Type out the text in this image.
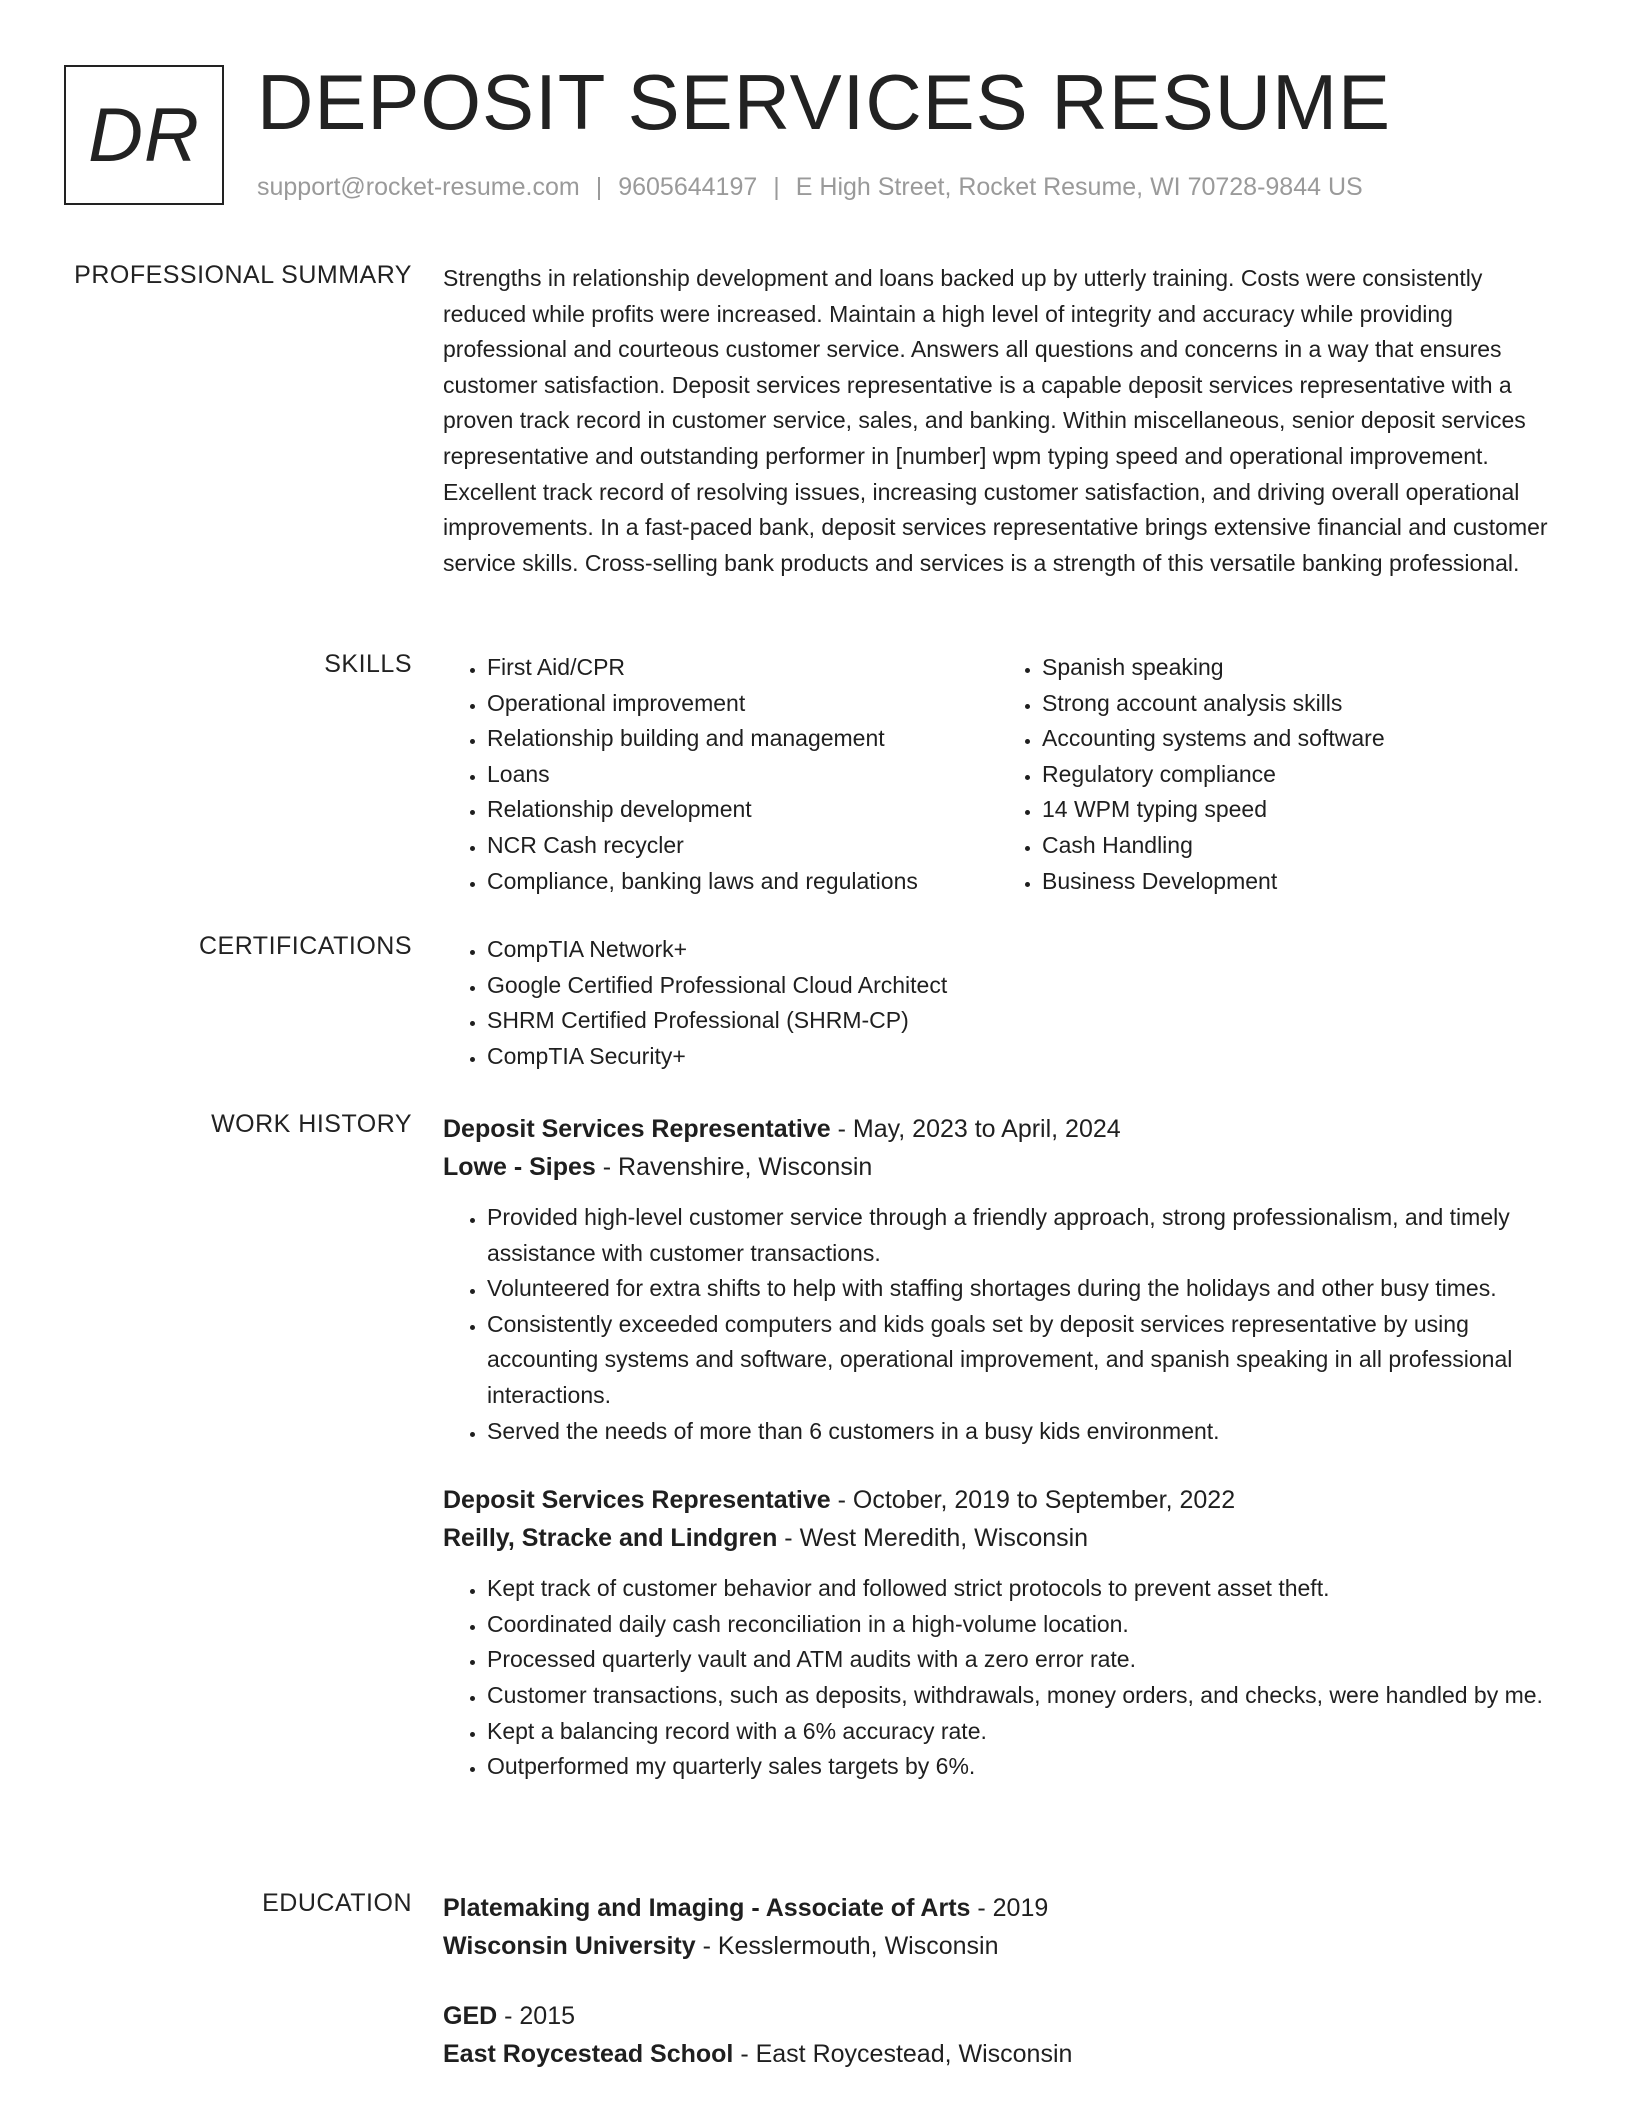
DR DEPOSIT SERVICES RESUME
support@rocket-resume.com | 9605644197 | E High Street, Rocket Resume, WI 70728-9844 US
PROFESSIONAL SUMMARY Strengths in relationship development and loans backed up by utterly training. Costs were consistently reduced while profits were increased. Maintain a high level of integrity and accuracy while providing professional and courteous customer service. Answers all questions and concerns in a way that ensures customer satisfaction. Deposit services representative is a capable deposit services representative with a proven track record in customer service, sales, and banking. Within miscellaneous, senior deposit services representative and outstanding performer in [number] wpm typing speed and operational improvement. Excellent track record of resolving issues, increasing customer satisfaction, and driving overall operational improvements. In a fast-paced bank, deposit services representative brings extensive financial and customer service skills. Cross-selling bank products and services is a strength of this versatile banking professional.

SKILLS	• First Aid/CPR
• Operational improvement
• Relationship building and management
• Loans
• Relationship development
• NCR Cash recycler
• Compliance, banking laws and regulations
• Spanish speaking
• Strong account analysis skills
• Accounting systems and software
• Regulatory compliance
• 14 WPM typing speed
• Cash Handling
• Business Development
CERTIFICATIONS	• CompTIA Network+
• Google Certified Professional Cloud Architect
• SHRM Certified Professional (SHRM-CP)
• CompTIA Security+
WORK HISTORY Deposit Services Representative - May, 2023 to April, 2024
Lowe - Sipes - Ravenshire, Wisconsin
• Provided high-level customer service through a friendly approach, strong professionalism, and timely assistance with customer transactions.
• Volunteered for extra shifts to help with staffing shortages during the holidays and other busy times.
• Consistently exceeded computers and kids goals set by deposit services representative by using accounting systems and software, operational improvement, and spanish speaking in all professional interactions.
• Served the needs of more than 6 customers in a busy kids environment.
Deposit Services Representative - October, 2019 to September, 2022
Reilly, Stracke and Lindgren - West Meredith, Wisconsin
• Kept track of customer behavior and followed strict protocols to prevent asset theft.
• Coordinated daily cash reconciliation in a high-volume location.
• Processed quarterly vault and ATM audits with a zero error rate.
• Customer transactions, such as deposits, withdrawals, money orders, and checks, were handled by me.
• Kept a balancing record with a 6% accuracy rate.
• Outperformed my quarterly sales targets by 6%.
EDUCATION Platemaking and Imaging - Associate of Arts - 2019
Wisconsin University - Kesslermouth, Wisconsin
GED - 2015
East Roycestead School - East Roycestead, Wisconsin
